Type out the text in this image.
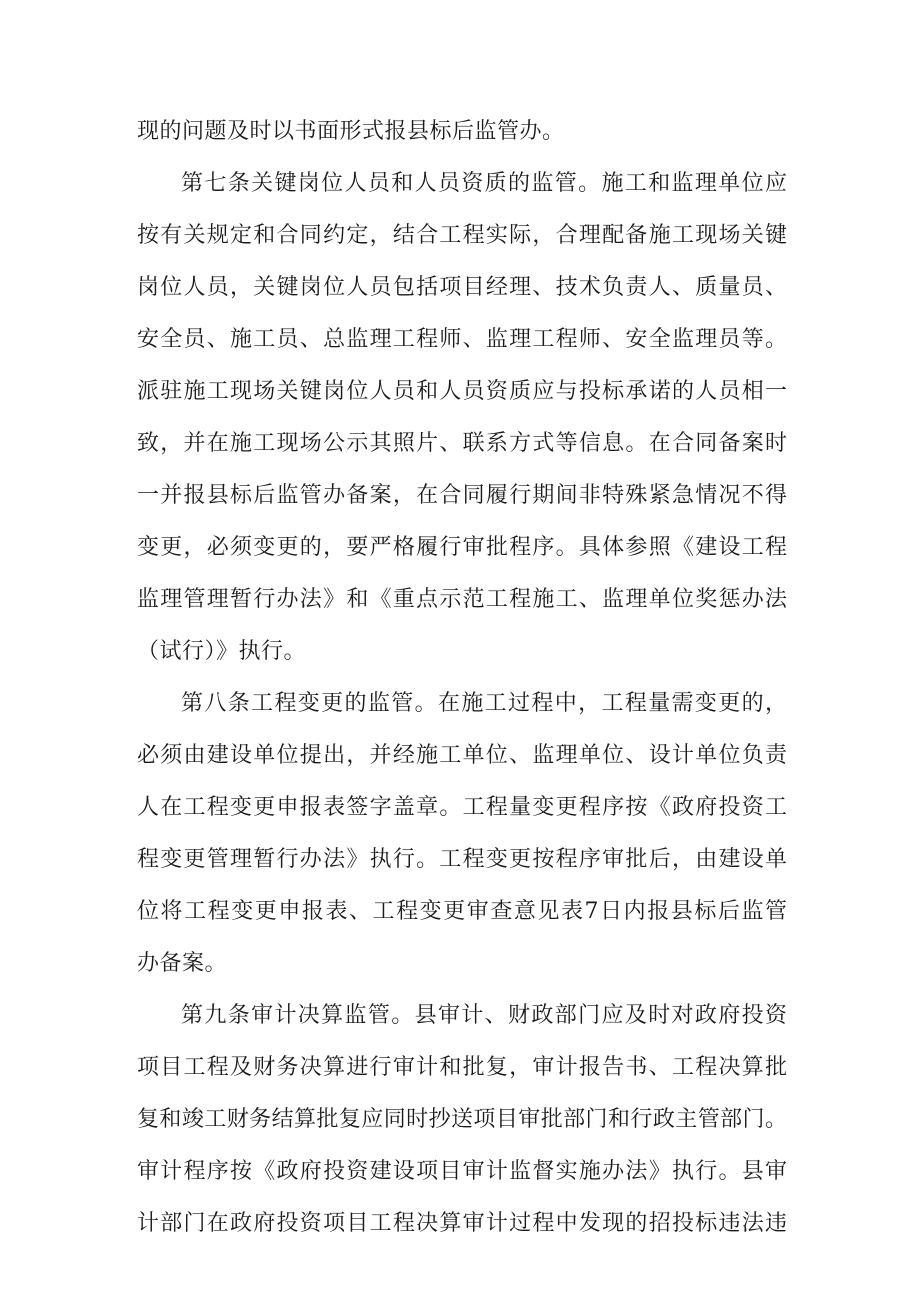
现的问题及时以书面形式报县标后监管办。
第七条关键岗位人员和人员资质的监管。施工和监理单位应
按有关规定和合同约定，结合工程实际，合理配备施工现场关键
岗位人员，关键岗位人员包括项目经理、技术负责人、质量员、
安全员、施工员、总监理工程师、监理工程师、安全监理员等。
派驻施工现场关键岗位人员和人员资质应与投标承诺的人员相一
致，并在施工现场公示其照片、联系方式等信息。在合同备案时
一并报县标后监管办备案，在合同履行期间非特殊紧急情况不得
变更，必须变更的，要严格履行审批程序。具体参照《建设工程
监理管理暂行办法》和《重点示范工程施工、监理单位奖惩办法
（试行）》执行。
第八条工程变更的监管。在施工过程中，工程量需变更的，
必须由建设单位提出，并经施工单位、监理单位、设计单位负责
人在工程变更申报表签字盖章。工程量变更程序按《政府投资工
程变更管理暂行办法》执行。工程变更按程序审批后，由建设单
位将工程变更申报表、工程变更审查意见表7日内报县标后监管
办备案。
第九条审计决算监管。县审计、财政部门应及时对政府投资
项目工程及财务决算进行审计和批复，审计报告书、工程决算批
复和竣工财务结算批复应同时抄送项目审批部门和行政主管部门。
审计程序按《政府投资建设项目审计监督实施办法》执行。县审
计部门在政府投资项目工程决算审计过程中发现的招投标违法违
